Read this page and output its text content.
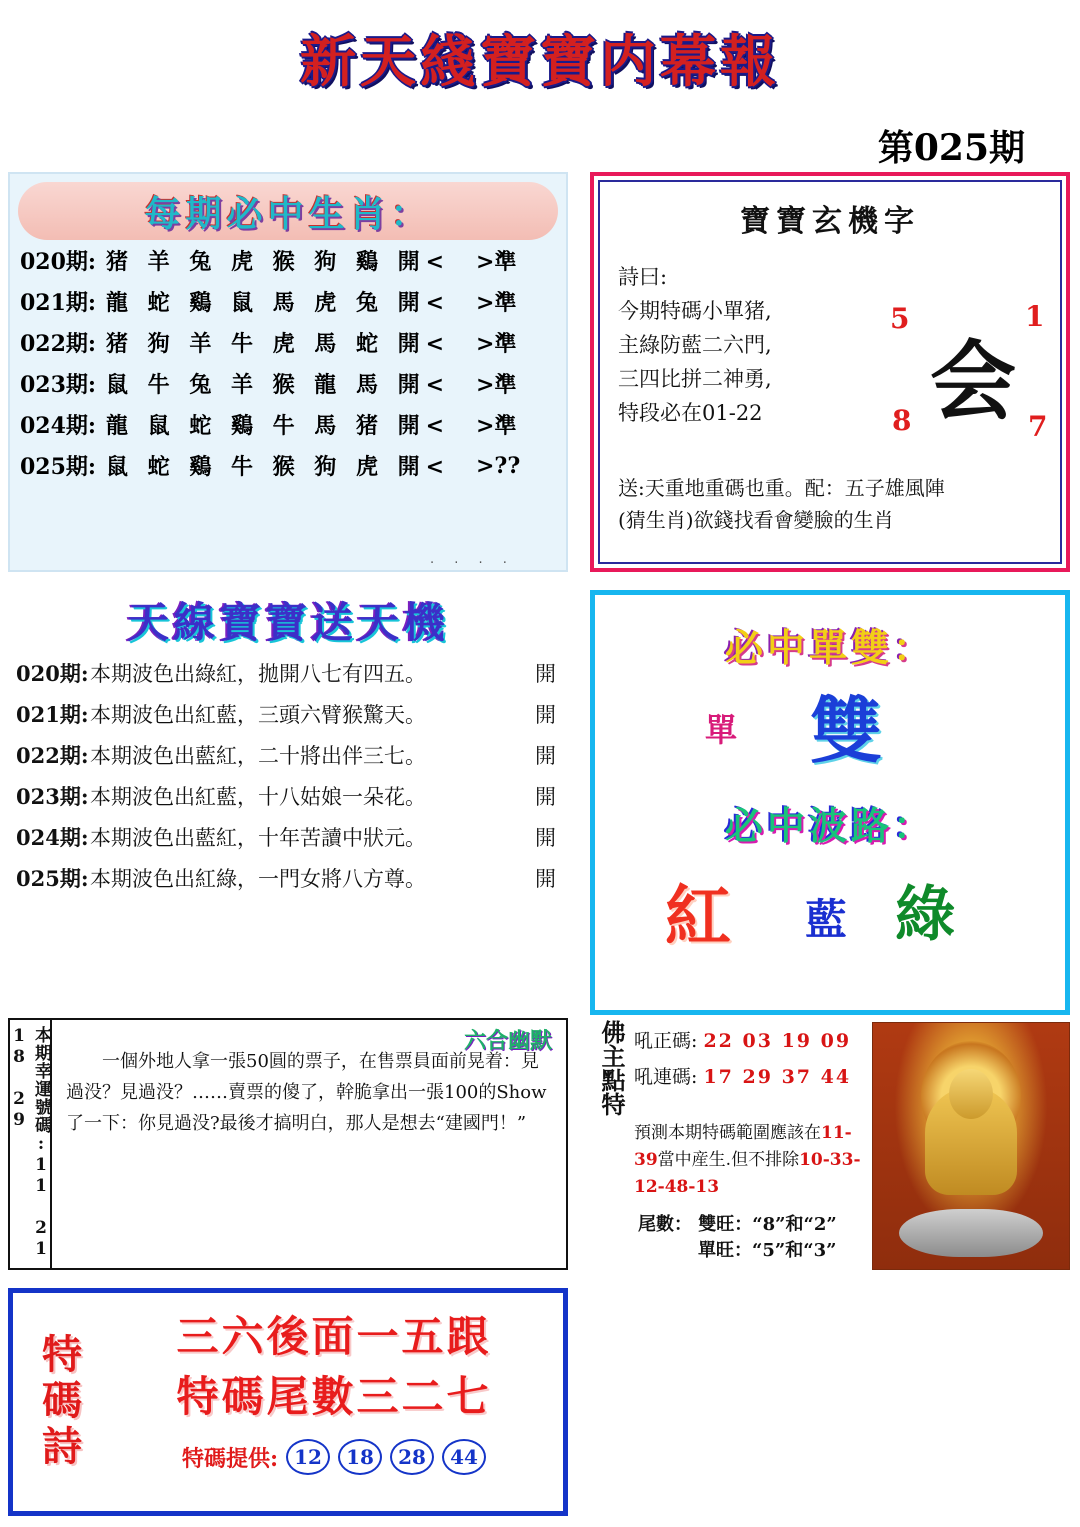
新天綫寶寶内幕報
第025期
每期必中生肖：
020期: 猪 羊 兔 虎 猴 狗 鷄 開<	>準
021期: 龍 蛇 鷄 鼠 馬 虎 兔 開<	>準
022期: 猪 狗 羊 牛 虎 馬 蛇 開<	>準
023期: 鼠 牛 兔 羊 猴 龍 馬 開<	>準
024期: 龍 鼠 蛇 鷄 牛 馬 猪 開<	>準
025期: 鼠 蛇 鷄 牛 猴 狗 虎 開<	>??
· · · ·
寶寶玄機字
詩曰:
今期特碼小單猪,
主綠防藍二六門,
三四比拼二神勇,
特段必在01-22
5	1
8	7
会
送:天重地重碼也重。配：五子雄風陣
(猜生肖)欲錢找看會變臉的生肖
天線寶寶送天機
020期: 本期波色出綠紅，拋開八七有四五。	開
021期: 本期波色出紅藍，三頭六臂猴驚天。	開
022期: 本期波色出藍紅，二十將出伴三七。	開
023期: 本期波色出紅藍，十八姑娘一朵花。	開
024期: 本期波色出藍紅，十年苦讀中狀元。	開
025期: 本期波色出紅綠，一門女將八方尊。	開
必中單雙：
單 雙
必中波路：
紅 藍 綠
本期幸運號碼:11 21 18 29	六合幽默
一個外地人拿一張50圓的票子，在售票員面前晃着：見過没？見過没？……賣票的傻了，幹脆拿出一張100的Show了一下：你見過没?最後才搞明白，那人是想去“建國門！”
佛主點特 吼正碼: 22 03 19 09
吼連碼: 17 29 37 44
預測本期特碼範圍應該在11-39當中産生.但不排除10-33-12-48-13
尾數： 雙旺：“8”和“2”
單旺：“5”和“3”
特碼詩	三六後面一五跟
特碼尾數三二七
特碼提供: 12	18	28	44
